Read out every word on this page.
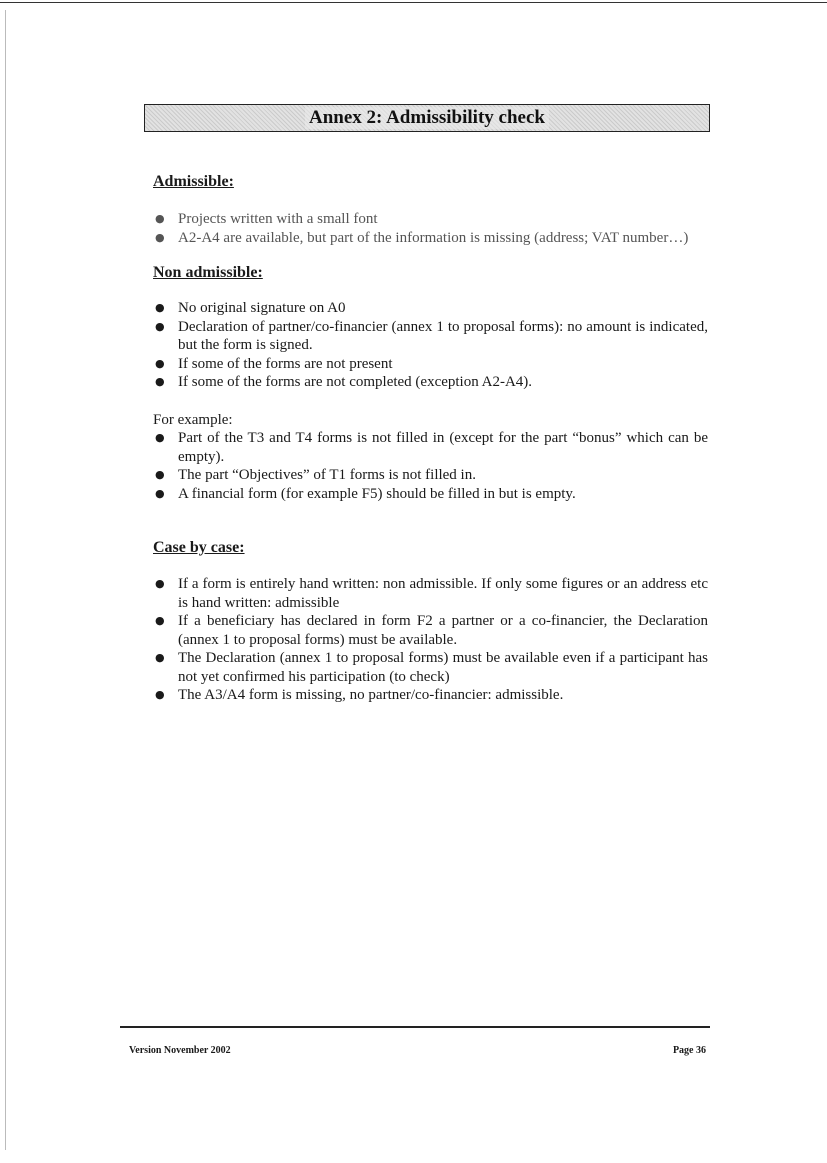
Annex 2: Admissibility check

Admissible:

● Projects written with a small font
● A2-A4 are available, but part of the information is missing (address; VAT number…)

Non admissible:

● No original signature on A0
● Declaration of partner/co-financier (annex 1 to proposal forms): no amount is indicated, but the form is signed.
● If some of the forms are not present
● If some of the forms are not completed (exception A2-A4).

For example:

● Part of the T3 and T4 forms is not filled in (except for the part “bonus” which can be empty).
● The part “Objectives” of T1 forms is not filled in.
● A financial form (for example F5) should be filled in but is empty.

Case by case:

● If a form is entirely hand written: non admissible. If only some figures or an address etc is hand written: admissible
● If a beneficiary has declared in form F2 a partner or a co-financier, the Declaration (annex 1 to proposal forms) must be available.
● The Declaration (annex 1 to proposal forms) must be available even if a participant has not yet confirmed his participation (to check)
● The A3/A4 form is missing, no partner/co-financier: admissible.
Version November 2002	Page 36
